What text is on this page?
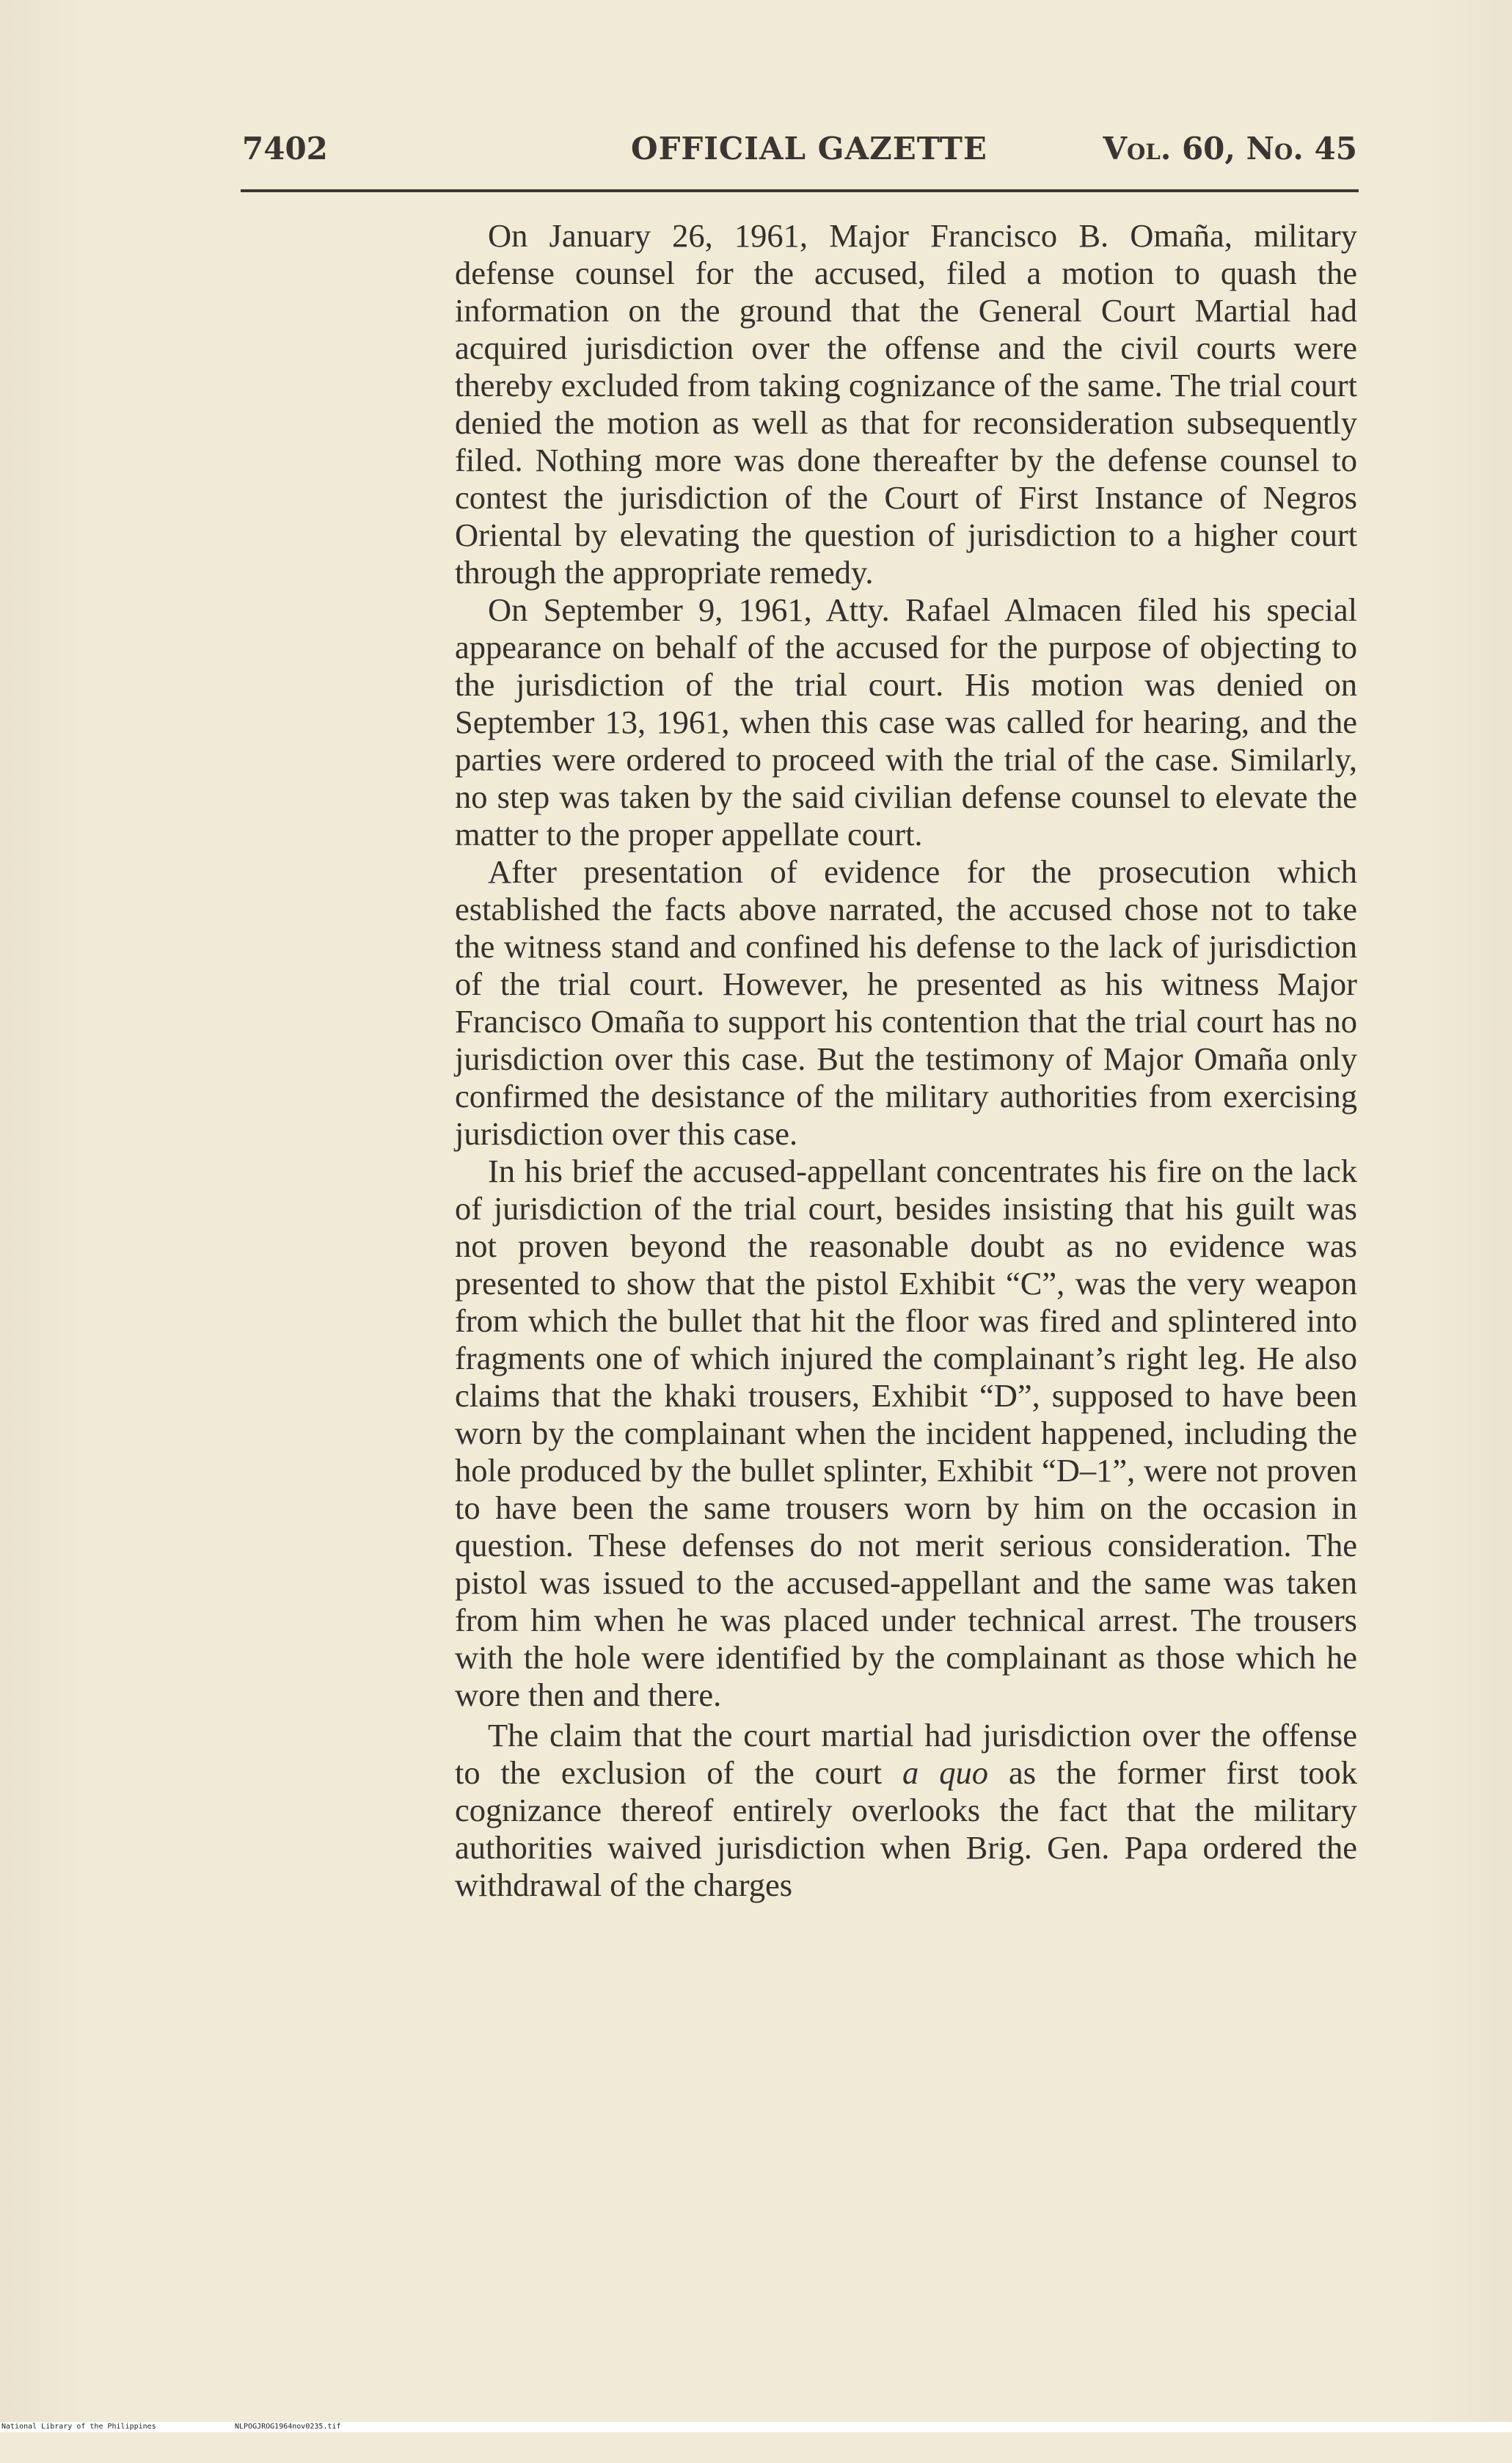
7402	OFFICIAL GAZETTE	Vol. 60, No. 45

On January 26, 1961, Major Francisco B. Omaña, military defense counsel for the accused, filed a motion to quash the information on the ground that the General Court Martial had acquired jurisdiction over the offense and the civil courts were thereby excluded from taking cognizance of the same. The trial court denied the motion as well as that for reconsideration subsequently filed. Nothing more was done thereafter by the defense counsel to contest the jurisdiction of the Court of First Instance of Negros Oriental by elevating the question of jurisdiction to a higher court through the appropriate remedy.

On September 9, 1961, Atty. Rafael Almacen filed his special appearance on behalf of the accused for the purpose of objecting to the jurisdiction of the trial court. His motion was denied on September 13, 1961, when this case was called for hearing, and the parties were ordered to proceed with the trial of the case. Similarly, no step was taken by the said civilian defense counsel to elevate the matter to the proper appellate court.

After presentation of evidence for the prosecution which established the facts above narrated, the accused chose not to take the witness stand and confined his defense to the lack of jurisdiction of the trial court. However, he presented as his witness Major Francisco Omaña to support his contention that the trial court has no jurisdiction over this case. But the testimony of Major Omaña only confirmed the desistance of the military authorities from exercising jurisdiction over this case.

In his brief the accused-appellant concentrates his fire on the lack of jurisdiction of the trial court, besides insisting that his guilt was not proven beyond the reasonable doubt as no evidence was presented to show that the pistol Exhibit “C”, was the very weapon from which the bullet that hit the floor was fired and splintered into fragments one of which injured the complainant’s right leg. He also claims that the khaki trousers, Exhibit “D”, supposed to have been worn by the complainant when the incident happened, including the hole produced by the bullet splinter, Exhibit “D–1”, were not proven to have been the same trousers worn by him on the occasion in question. These defenses do not merit serious consideration. The pistol was issued to the accused-appellant and the same was taken from him when he was placed under technical arrest. The trousers with the hole were identified by the complainant as those which he wore then and there.

The claim that the court martial had jurisdiction over the offense to the exclusion of the court a quo as the former first took cognizance thereof entirely overlooks the fact that the military authorities waived jurisdiction when Brig. Gen. Papa ordered the withdrawal of the charges

National Library of the Philippines

	NLPOGJROG1964nov0235.tif
